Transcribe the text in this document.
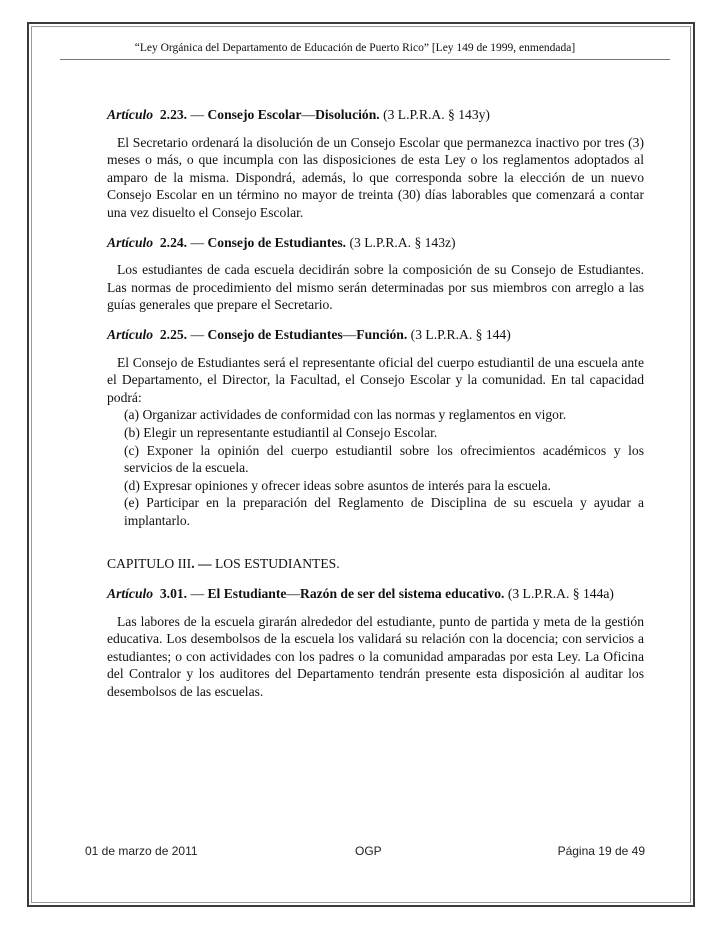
“Ley Orgánica del Departamento de Educación de Puerto Rico” [Ley 149 de 1999, enmendada]
Artículo 2.23. — Consejo Escolar—Disolución. (3 L.P.R.A. § 143y)

El Secretario ordenará la disolución de un Consejo Escolar que permanezca inactivo por tres (3) meses o más, o que incumpla con las disposiciones de esta Ley o los reglamentos adoptados al amparo de la misma. Dispondrá, además, lo que corresponda sobre la elección de un nuevo Consejo Escolar en un término no mayor de treinta (30) días laborables que comenzará a contar una vez disuelto el Consejo Escolar.

Artículo 2.24. — Consejo de Estudiantes. (3 L.P.R.A. § 143z)

Los estudiantes de cada escuela decidirán sobre la composición de su Consejo de Estudiantes. Las normas de procedimiento del mismo serán determinadas por sus miembros con arreglo a las guías generales que prepare el Secretario.

Artículo 2.25. — Consejo de Estudiantes—Función. (3 L.P.R.A. § 144)

El Consejo de Estudiantes será el representante oficial del cuerpo estudiantil de una escuela ante el Departamento, el Director, la Facultad, el Consejo Escolar y la comunidad. En tal capacidad podrá:

(a) Organizar actividades de conformidad con las normas y reglamentos en vigor.
(b) Elegir un representante estudiantil al Consejo Escolar.
(c) Exponer la opinión del cuerpo estudiantil sobre los ofrecimientos académicos y los servicios de la escuela.
(d) Expresar opiniones y ofrecer ideas sobre asuntos de interés para la escuela.
(e) Participar en la preparación del Reglamento de Disciplina de su escuela y ayudar a implantarlo.
CAPITULO III. — LOS ESTUDIANTES.
Artículo 3.01. — El Estudiante—Razón de ser del sistema educativo. (3 L.P.R.A. § 144a)

Las labores de la escuela girarán alrededor del estudiante, punto de partida y meta de la gestión educativa. Los desembolsos de la escuela los validará su relación con la docencia; con servicios a estudiantes; o con actividades con los padres o la comunidad amparadas por esta Ley. La Oficina del Contralor y los auditores del Departamento tendrán presente esta disposición al auditar los desembolsos de las escuelas.

01 de marzo de 2011	OGP	Página 19 de 49
